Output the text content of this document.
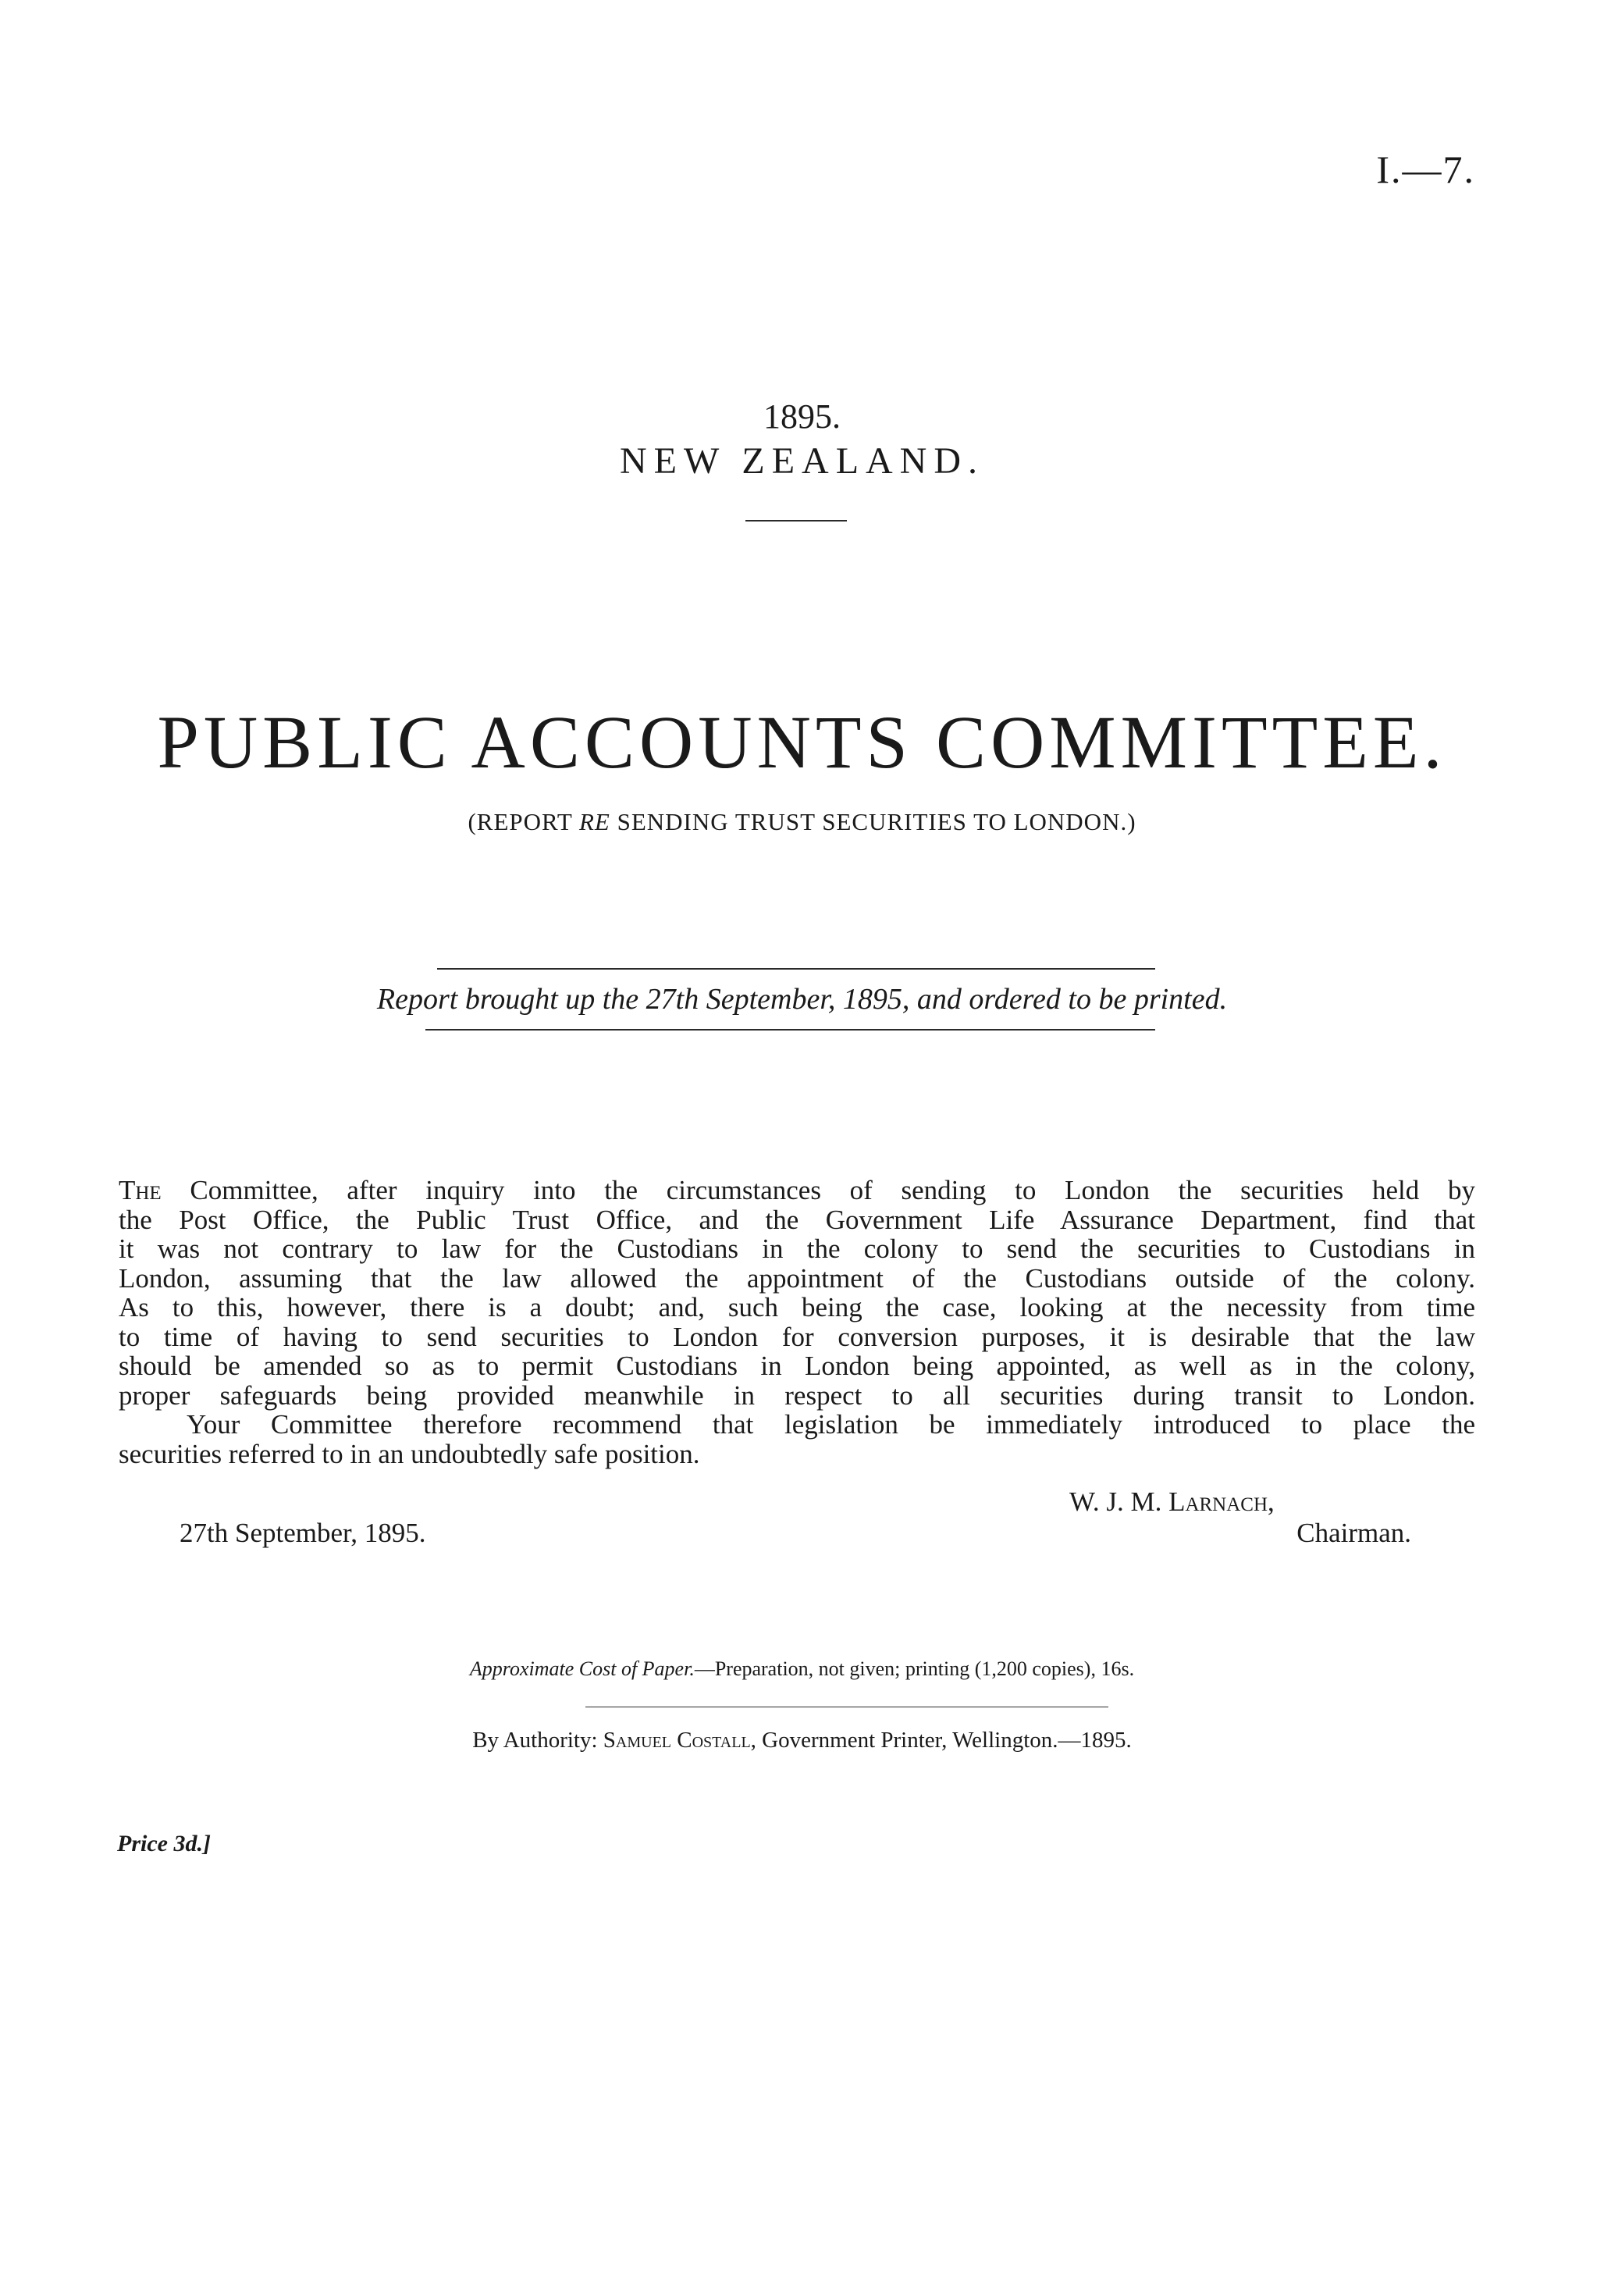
I.—7.
1895.
NEW ZEALAND.
PUBLIC ACCOUNTS COMMITTEE.
(REPORT RE SENDING TRUST SECURITIES TO LONDON.)
Report brought up the 27th September, 1895, and ordered to be printed.
The Committee, after inquiry into the circumstances of sending to London the securities held by
the Post Office, the Public Trust Office, and the Government Life Assurance Department, find that
it was not contrary to law for the Custodians in the colony to send the securities to Custodians in
London, assuming that the law allowed the appointment of the Custodians outside of the colony.
As to this, however, there is a doubt; and, such being the case, looking at the necessity from time
to time of having to send securities to London for conversion purposes, it is desirable that the law
should be amended so as to permit Custodians in London being appointed, as well as in the colony,
proper safeguards being provided meanwhile in respect to all securities during transit to London.
Your Committee therefore recommend that legislation be immediately introduced to place the
securities referred to in an undoubtedly safe position.
W. J. M. Larnach,
27th September, 1895.	Chairman.
Approximate Cost of Paper.—Preparation, not given; printing (1,200 copies), 16s.
By Authority: Samuel Costall, Government Printer, Wellington.—1895.
Price 3d.]
